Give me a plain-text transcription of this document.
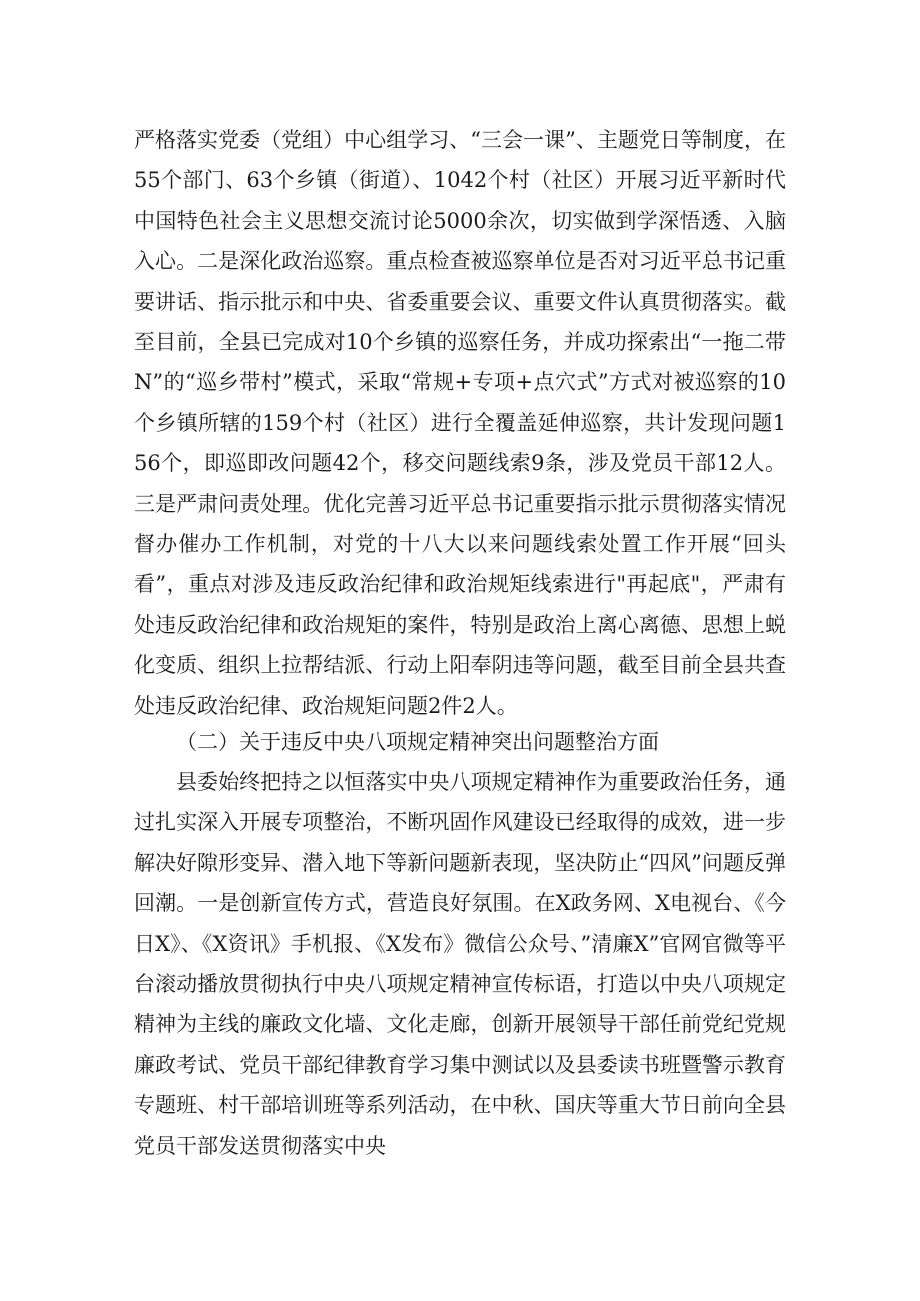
严格落实党委（党组）中心组学习、“三会一课”、主题党日等制度，在55个部门、63个乡镇（街道）、1042个村（社区）开展习近平新时代中国特色社会主义思想交流讨论5000余次，切实做到学深悟透、入脑入心。二是深化政治巡察。重点检查被巡察单位是否对习近平总书记重要讲话、指示批示和中央、省委重要会议、重要文件认真贯彻落实。截至目前，全县已完成对10个乡镇的巡察任务，并成功探索出“一拖二带N”的“巡乡带村”模式，采取“常规+专项+点穴式”方式对被巡察的10个乡镇所辖的159个村（社区）进行全覆盖延伸巡察，共计发现问题156个，即巡即改问题42个，移交问题线索9条，涉及党员干部12人。三是严肃问责处理。优化完善习近平总书记重要指示批示贯彻落实情况督办催办工作机制，对党的十八大以来问题线索处置工作开展“回头看”，重点对涉及违反政治纪律和政治规矩线索进行"再起底"，严肃有处违反政治纪律和政治规矩的案件，特别是政治上离心离德、思想上蜕化变质、组织上拉帮结派、行动上阳奉阴违等问题，截至目前全县共查处违反政治纪律、政治规矩问题2件2人。

（二）关于违反中央八项规定精神突出问题整治方面

县委始终把持之以恒落实中央八项规定精神作为重要政治任务，通过扎实深入开展专项整治，不断巩固作风建设已经取得的成效，进一步解决好隙形变异、潜入地下等新问题新表现，坚决防止“四风”问题反弹回潮。一是创新宣传方式，营造良好氛围。在X政务网、X电视台、《今日X》、《X资讯》手机报、《X发布》微信公众号、”清廉X”官网官微等平台滚动播放贯彻执行中央八项规定精神宣传标语，打造以中央八项规定精神为主线的廉政文化墙、文化走廊，创新开展领导干部任前党纪党规廉政考试、党员干部纪律教育学习集中测试以及县委读书班暨警示教育专题班、村干部培训班等系列活动，在中秋、国庆等重大节日前向全县党员干部发送贯彻落实中央
